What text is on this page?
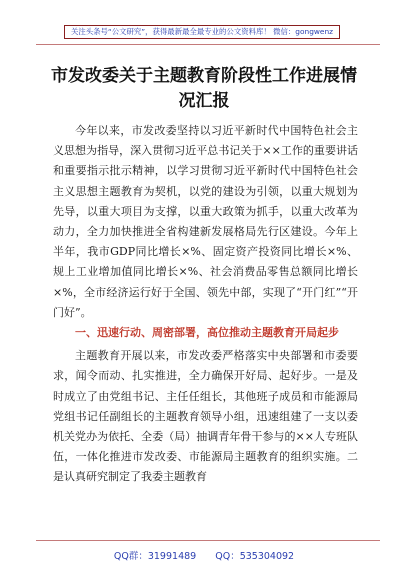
关注头条号“公文研究”，获得最新最全最专业的公文资料库！ 微信：gongwenz
市发改委关于主题教育阶段性工作进展情况汇报

今年以来，市发改委坚持以习近平新时代中国特色社会主义思想为指导，深入贯彻习近平总书记关于××工作的重要讲话和重要指示批示精神，以学习贯彻习近平新时代中国特色社会主义思想主题教育为契机，以党的建设为引领，以重大规划为先导，以重大项目为支撑，以重大政策为抓手，以重大改革为动力，全力加快推进全省构建新发展格局先行区建设。今年上半年，我市GDP同比增长×%、固定资产投资同比增长×%、规上工业增加值同比增长×%、社会消费品零售总额同比增长×%，全市经济运行好于全国、领先中部，实现了“开门红”“开门好”。

一、迅速行动、周密部署，高位推动主题教育开局起步

主题教育开展以来，市发改委严格落实中央部署和市委要求，闻令而动、扎实推进，全力确保开好局、起好步。一是及时成立了由党组书记、主任任组长，其他班子成员和市能源局党组书记任副组长的主题教育领导小组，迅速组建了一支以委机关党办为依托、全委（局）抽调青年骨干参与的××人专班队伍，一体化推进市发改委、市能源局主题教育的组织实施。二是认真研究制定了我委主题教育

QQ群：31991489 QQ：535304092
